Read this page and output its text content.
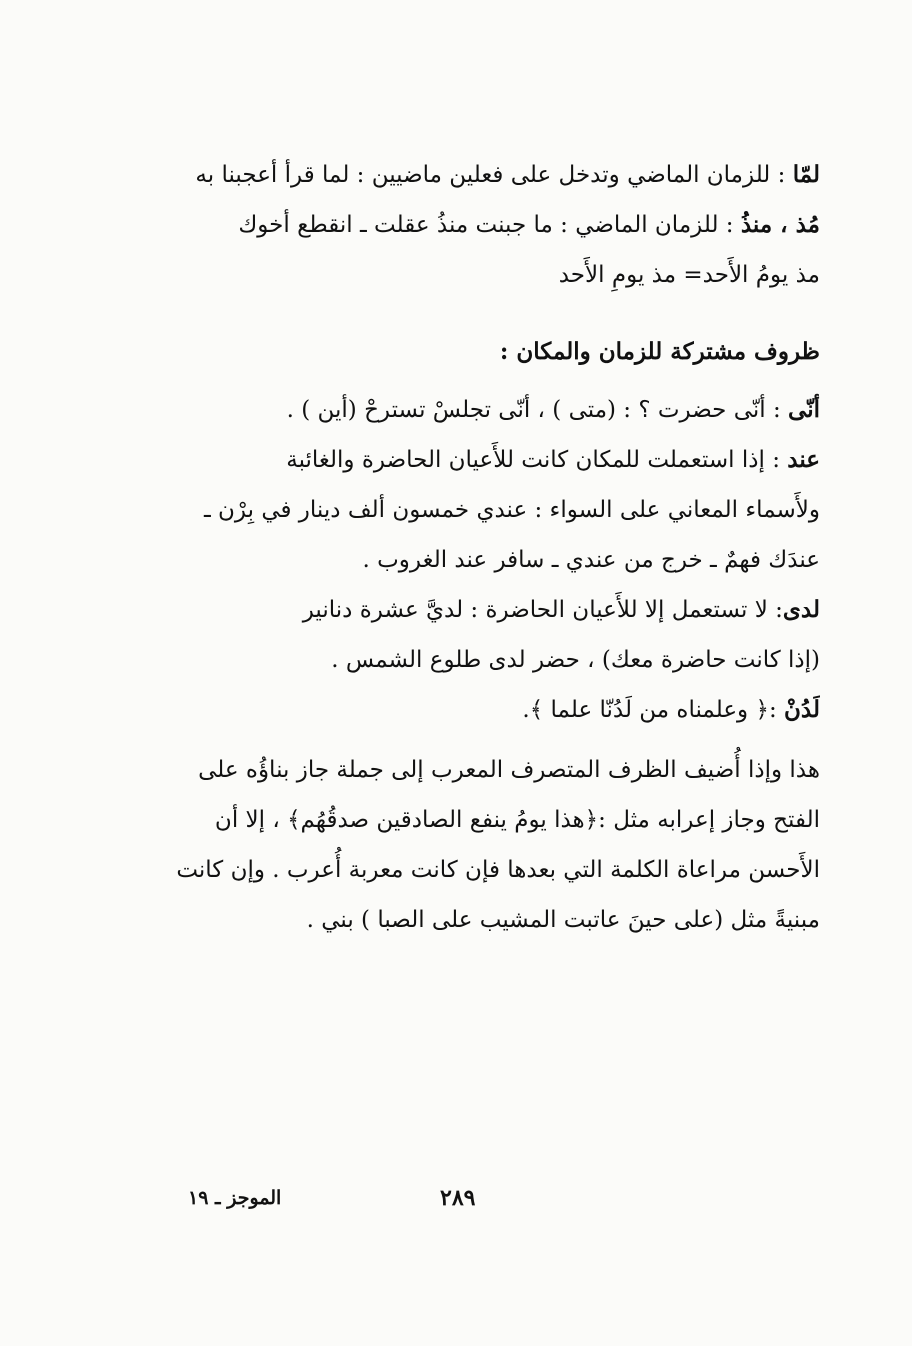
لمّا : للزمان الماضي وتدخل على فعلين ماضيين : لما قرأ أعجبنا به
مُذ ، منذُ : للزمان الماضي : ما جبنت منذُ عقلت ـ انقطع أخوك
مذ يومُ الأَحد= مذ يومِ الأَحد
ظروف مشتركة للزمان والمكان :
أنّى : أنّى حضرت ؟ : (متى ) ، أنّى تجلسْ تسترحْ (أين ) .
عند : إذا استعملت للمكان كانت للأَعيان الحاضرة والغائبة
ولأَسماء المعاني على السواء : عندي خمسون ألف دينار في بِرْن ـ
عندَك فهمٌ ـ خرج من عندي ـ سافر عند الغروب .
لدى: لا تستعمل إلا للأَعيان الحاضرة : لديَّ عشرة دنانير
(إذا كانت حاضرة معك) ، حضر لدى طلوع الشمس .
لَدُنْ :﴿ وعلمناه من لَدُنّا علما ﴾.
هذا وإذا أُضيف الظرف المتصرف المعرب إلى جملة جاز بناؤُه على
الفتح وجاز إعرابه مثل :﴿هذا يومُ ينفع الصادقين صدقُهُم﴾ ، إلا أن
الأَحسن مراعاة الكلمة التي بعدها فإن كانت معربة أُعرب . وإن كانت
مبنيةً مثل (على حينَ عاتبت المشيب على الصبا ) بني .
٢٨٩
الموجز ـ ١٩
